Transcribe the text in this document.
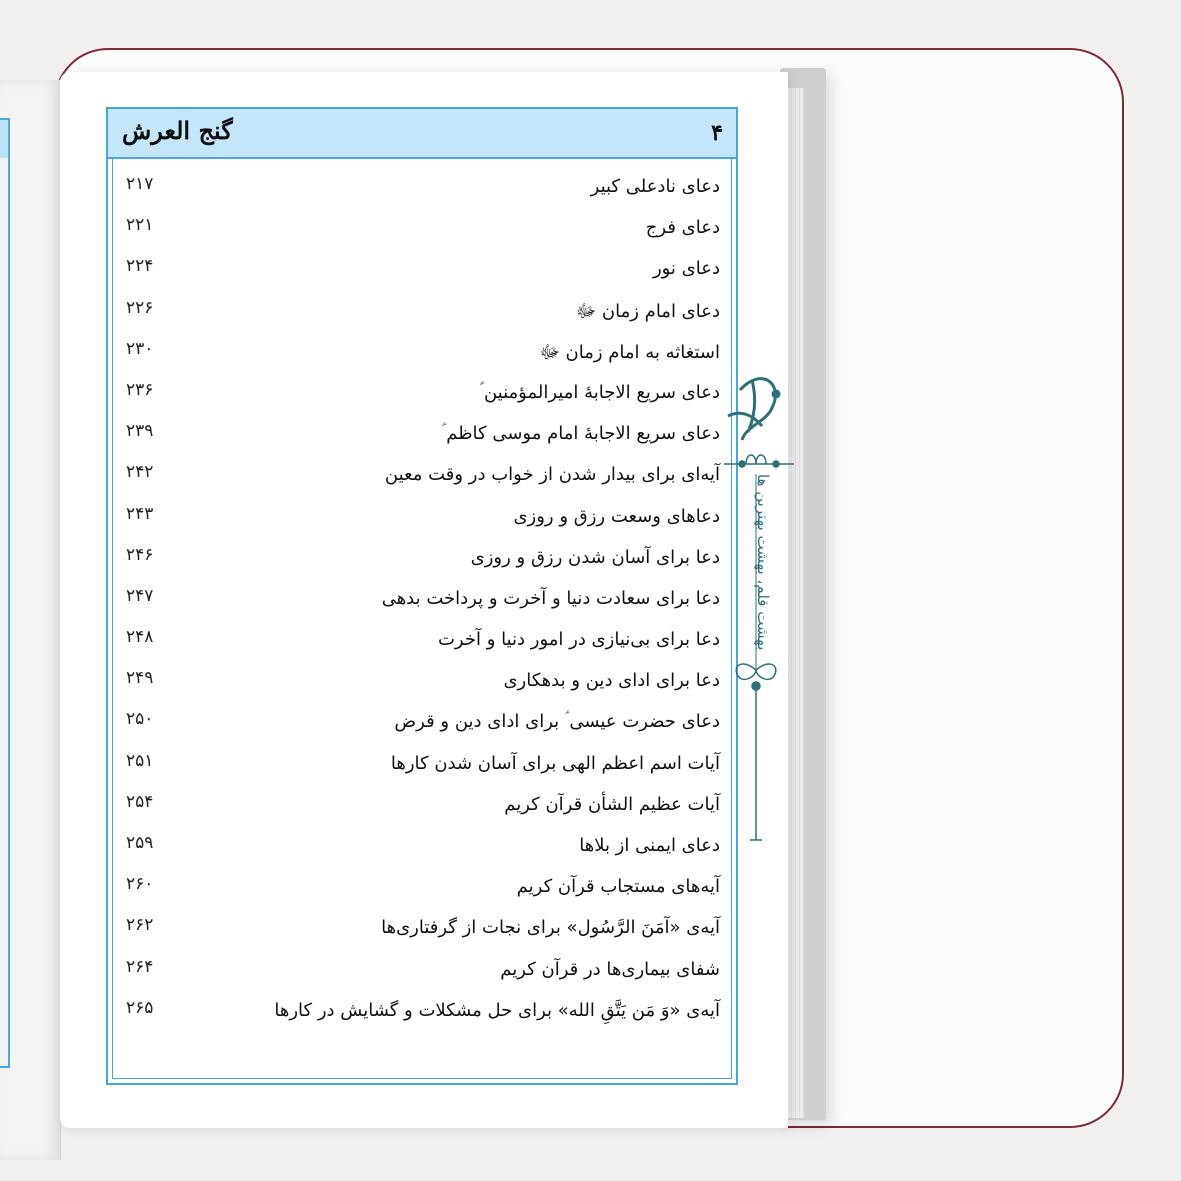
گنج العرش	۴
دعای نادعلی کبیر
۲۱۷
دعای فرج
۲۲۱
دعای نور
۲۲۴
دعای امام زمان ﷻ
۲۲۶
استغاثه به امام زمان ﷻ
۲۳۰
دعای سریع الاجابهٔ امیرالمؤمنین ؑ
۲۳۶
دعای سریع الاجابهٔ امام موسی کاظم ؑ
۲۳۹
آیه‌ای برای بیدار شدن از خواب در وقت معین
۲۴۲
دعاهای وسعت رزق و روزی
۲۴۳
دعا برای آسان شدن رزق و روزی
۲۴۶
دعا برای سعادت دنیا و آخرت و پرداخت بدهی
۲۴۷
دعا برای بی‌نیازی در امور دنیا و آخرت
۲۴۸
دعا برای ادای دین و بدهکاری
۲۴۹
دعای حضرت عیسی ؑ برای ادای دین و قرض
۲۵۰
آیات اسم اعظم الهی برای آسان شدن کارها
۲۵۱
آیات عظیم الشأن قرآن کریم
۲۵۴
دعای ایمنی از بلاها
۲۵۹
آیه‌های مستجاب قرآن کریم
۲۶۰
آیه‌ی «آمَنَ الرَّسُول» برای نجات از گرفتاری‌ها
۲۶۲
شفای بیماری‌ها در قرآن کریم
۲۶۴
آیه‌ی «وَ مَن یَتَّقِ الله» برای حل مشکلات و گشایش در کارها
۲۶۵
بهشت قلم، بهشت بهترین ها
